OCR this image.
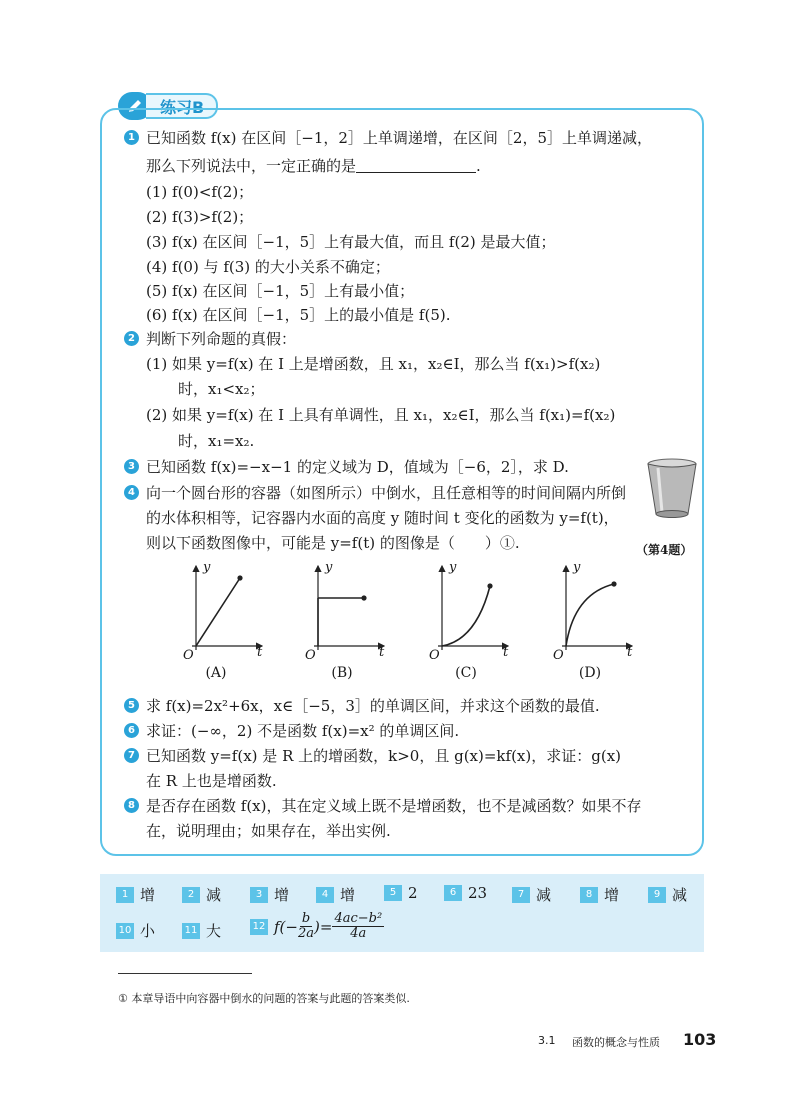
练习B
1 已知函数 f(x) 在区间［−1，2］上单调递增，在区间［2，5］上单调递减，
那么下列说法中，一定正确的是	.
(1) f(0)<f(2)；
(2) f(3)>f(2)；
(3) f(x) 在区间［−1，5］上有最大值，而且 f(2) 是最大值；
(4) f(0) 与 f(3) 的大小关系不确定；
(5) f(x) 在区间［−1，5］上有最小值；
(6) f(x) 在区间［−1，5］上的最小值是 f(5).
2 判断下列命题的真假：
(1) 如果 y=f(x) 在 I 上是增函数，且 x₁，x₂∈I，那么当 f(x₁)>f(x₂)
时，x₁<x₂；
(2) 如果 y=f(x) 在 I 上具有单调性，且 x₁，x₂∈I，那么当 f(x₁)=f(x₂)
时，x₁=x₂.
3 已知函数 f(x)=−x−1 的定义域为 D，值域为［−6，2］，求 D.
4 向一个圆台形的容器（如图所示）中倒水，且任意相等的时间间隔内所倒
的水体积相等，记容器内水面的高度 y 随时间 t 变化的函数为 y=f(t)，
则以下函数图像中，可能是 y=f(t) 的图像是（　　）①.	（第4题）
y
t
O
(A)
y
t
O
(B)
y
t
O
(C)
y
t
O
(D)
5 求 f(x)=2x²+6x，x∈［−5，3］的单调区间，并求这个函数的最值.
6 求证：(−∞，2) 不是函数 f(x)=x² 的单调区间.
7 已知函数 y=f(x) 是 R 上的增函数，k>0，且 g(x)=kf(x)，求证：g(x)
在 R 上也是增函数.
8 是否存在函数 f(x)，其在定义域上既不是增函数，也不是减函数？如果不存
在，说明理由；如果存在，举出实例.
1 增	2 减	3 增	4 增	5 2	6 23	7 减	8 增	9 减
10 小	11 大	12 $f(- \frac{b}{2a}$ )= $\frac{\text{4ac−b²}}{4a}$
① 本章导语中向容器中倒水的问题的答案与此题的答案类似.
3.1 函数的概念与性质 103
